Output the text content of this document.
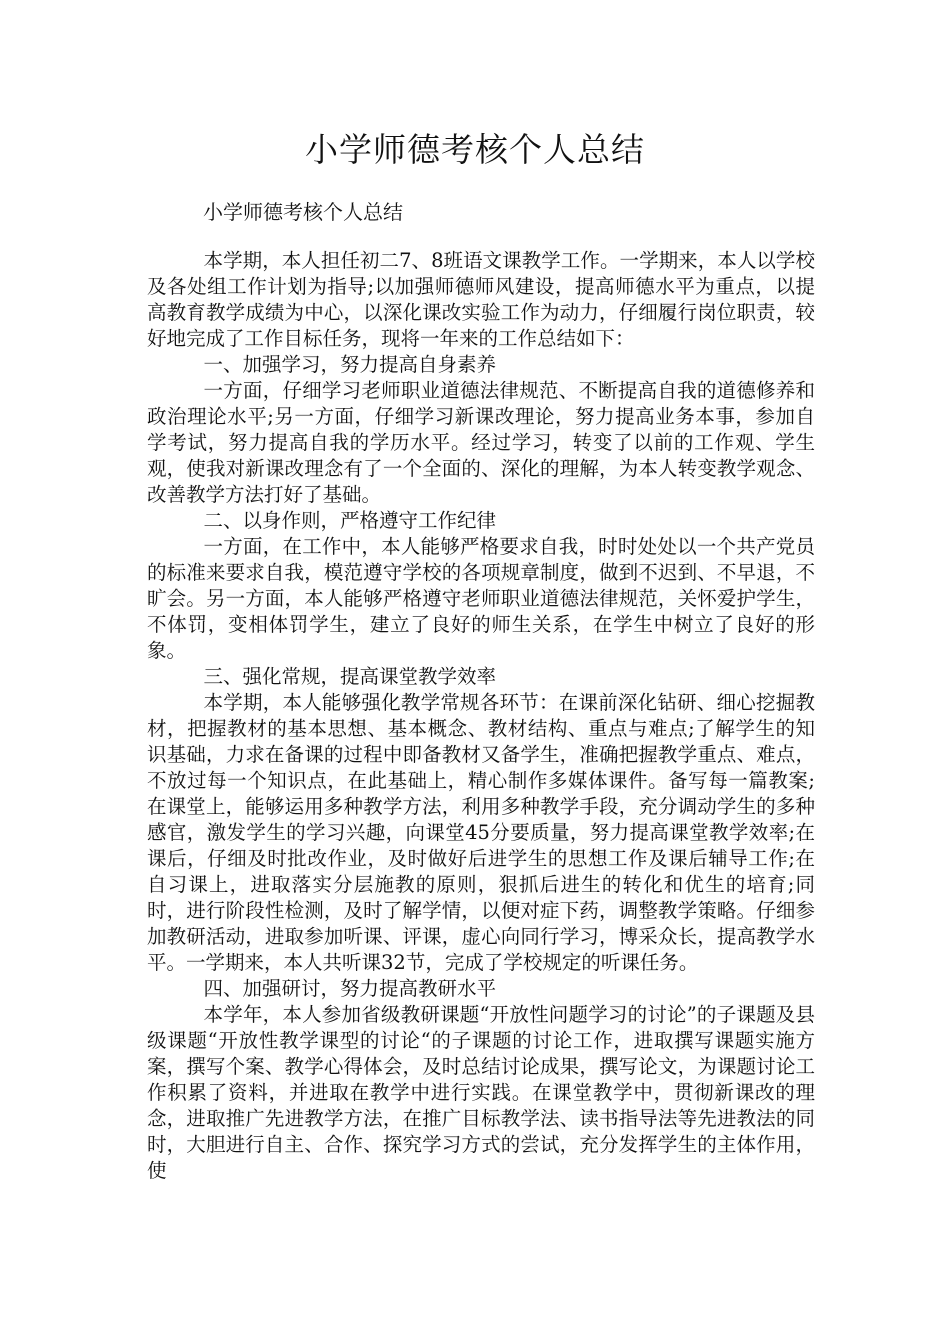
小学师德考核个人总结
小学师德考核个人总结

本学期，本人担任初二7、8班语文课教学工作。一学期来，本人以学校及各处组工作计划为指导;以加强师德师风建设，提高师德水平为重点，以提高教育教学成绩为中心，以深化课改实验工作为动力，仔细履行岗位职责，较好地完成了工作目标任务，现将一年来的工作总结如下：

一、加强学习，努力提高自身素养

一方面，仔细学习老师职业道德法律规范、不断提高自我的道德修养和政治理论水平;另一方面，仔细学习新课改理论，努力提高业务本事，参加自学考试，努力提高自我的学历水平。经过学习，转变了以前的工作观、学生观，使我对新课改理念有了一个全面的、深化的理解，为本人转变教学观念、改善教学方法打好了基础。

二、以身作则，严格遵守工作纪律

一方面，在工作中，本人能够严格要求自我，时时处处以一个共产党员的标准来要求自我，模范遵守学校的各项规章制度，做到不迟到、不早退，不旷会。另一方面，本人能够严格遵守老师职业道德法律规范，关怀爱护学生，不体罚，变相体罚学生，建立了良好的师生关系，在学生中树立了良好的形象。

三、强化常规，提高课堂教学效率

本学期，本人能够强化教学常规各环节：在课前深化钻研、细心挖掘教材，把握教材的基本思想、基本概念、教材结构、重点与难点;了解学生的知识基础，力求在备课的过程中即备教材又备学生，准确把握教学重点、难点，不放过每一个知识点，在此基础上，精心制作多媒体课件。备写每一篇教案;在课堂上，能够运用多种教学方法，利用多种教学手段，充分调动学生的多种感官，激发学生的学习兴趣，向课堂45分要质量，努力提高课堂教学效率;在课后，仔细及时批改作业，及时做好后进学生的思想工作及课后辅导工作;在自习课上，进取落实分层施教的原则，狠抓后进生的转化和优生的培育;同时，进行阶段性检测，及时了解学情，以便对症下药，调整教学策略。仔细参加教研活动，进取参加听课、评课，虚心向同行学习，博采众长，提高教学水平。一学期来，本人共听课32节，完成了学校规定的听课任务。

四、加强研讨，努力提高教研水平

本学年，本人参加省级教研课题“开放性问题学习的讨论”的子课题及县级课题“开放性教学课型的讨论“的子课题的讨论工作，进取撰写课题实施方案，撰写个案、教学心得体会，及时总结讨论成果，撰写论文，为课题讨论工作积累了资料，并进取在教学中进行实践。在课堂教学中，贯彻新课改的理念，进取推广先进教学方法，在推广目标教学法、读书指导法等先进教法的同时，大胆进行自主、合作、探究学习方式的尝试，充分发挥学生的主体作用，使
